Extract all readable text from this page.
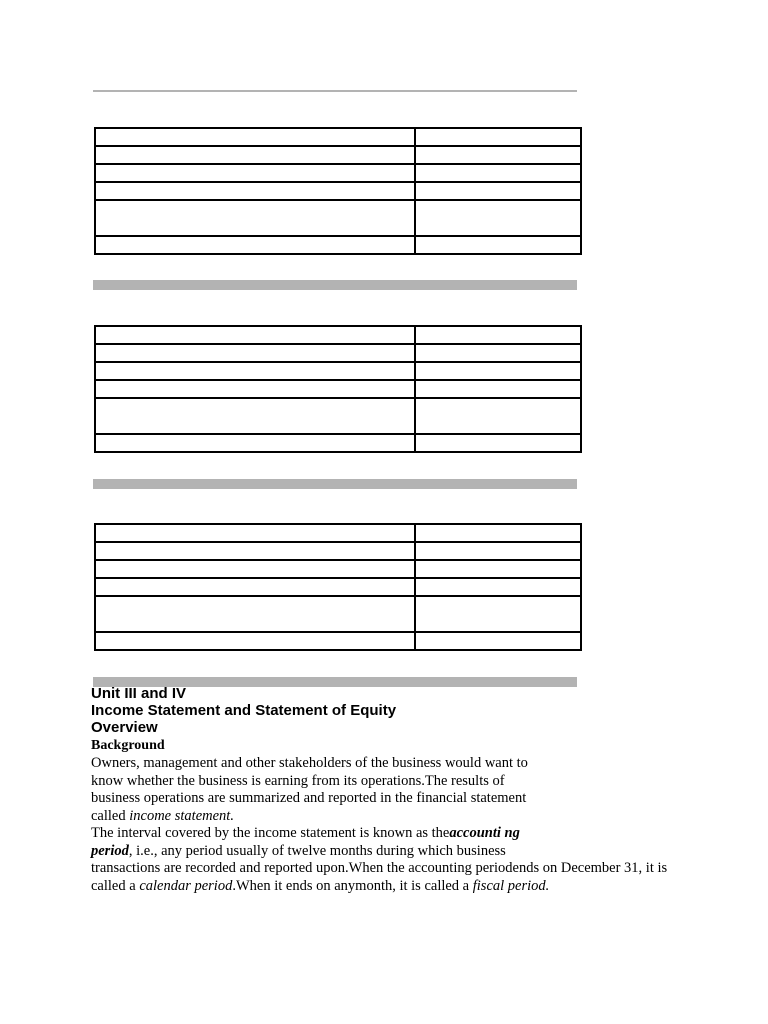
Unit III and IV

Income Statement and Statement of Equity

Overview

Background

Owners, management and other stakeholders of the business would want to

know whether the business is earning from its operations.The results of

business operations are summarized and reported in the financial statement

called income statement.

The interval covered by the income statement is known as theaccounti ng

period, i.e., any period usually of twelve months during which business

transactions are recorded and reported upon.When the accounting periodends on December 31, it is

called a calendar period.When it ends on anymonth, it is called a fiscal period.
